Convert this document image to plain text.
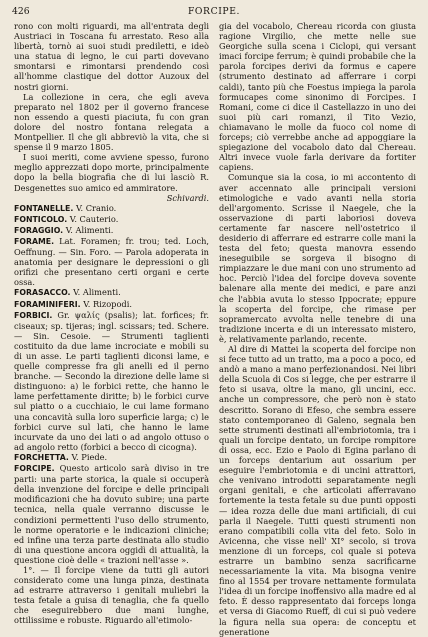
426	FORCIPE.

rono con molti riguardi, ma all'entrata degli Austriaci in Toscana fu arrestato. Reso alla libertà, tornò ai suoi studi prediletti, e ideò una statua di legno, le cui parti dovevano smontarsi e rimontarsi prendendo così all'homme clastique del dottor Auzoux del nostri giorni.

La collezione in cera, che egli aveva preparato nel 1802 per il governo francese non essendo a questi piaciuta, fu con gran dolore del nostro fontana relegata a Montpellier. Il che gli abbreviò la vita, che si spense il 9 marzo 1805.

I suoi meriti, come avviene spesso, furono meglio apprezzati dopo morte, principalmente dopo la bella biografia che di lui lasciò R. Desgenettes suo amico ed ammiratore.

Schivardi.

FONTANELLE. V. Cranio.

FONTICOLO. V. Cauterio.

FORAGGIO. V. Alimenti.

FORAME. Lat. Foramen; fr. trou; ted. Loch, Oeffnung. — Sin. Foro. — Parola adoperata in anatomia per designare le depressioni o gli orifizi che presentano certi organi e certe ossa.

FORASACCO. V. Alimenti.

FORAMINIFERI. V. Rizopodi.

FORBICI. Gr. ψαλίς (psalis); lat. forfices; fr. ciseaux; sp. tijeras; ingl. scissars; ted. Schere. — Sin. Cesoie. — Strumenti taglienti costituito da due lame incrociate e mobili su di un asse. Le parti taglienti diconsi lame, e quelle compresse fra gli anelli ed il perno branche. — Secondo la direzione delle lame si distinguono: a) le forbici rette, che hanno le lame perfettamente diritte; b) le forbici curve sul piatto o a cucchiaio, le cui lame formano una concavità sulla loro superficie larga; c) le forbici curve sul lati, che hanno le lame incurvate da uno dei lati o ad angolo ottuso o ad angolo retto (forbici a becco di cicogna).

FORCHETTA. V. Piede.

FORCIPE. Questo articolo sarà diviso in tre parti: una parte storica, la quale si occuperà della invenzione del forcipe e delle principali modificazioni che ha dovuto subire; una parte tecnica, nella quale verranno discusse le condizioni permettenti l'uso dello strumento, le norme operatorie e le indicazioni cliniche; ed infine una terza parte destinata allo studio di una questione ancora oggidì di attualità, la questione cioè delle « trazioni nell'asse ».

1°. — Il forcipe viene da tutti gli autori considerato come una lunga pinza, destinata ad estrarre attraverso i genitali muliebri la testa fetale a guisa di tenaglia, che fa quello che eseguirebbero due mani lunghe, ottilissime e robuste. Riguardo all'etimolo-

gia del vocabolo, Chereau ricorda con giusta ragione Virgilio, che mette nelle sue Georgiche sulla scena i Ciclopi, qui versant imaci forcipe ferrum; è quindi probabile che la parola forcipes derivi da formus e capere (strumento destinato ad afferrare i corpi caldi), tanto più che Foestus impiega la parola formucapes come sinonimo di Forcipes. I Romani, come ci dice il Castellazzo in uno dei suoi più cari romanzi, il Tito Vezio, chiamavano le molle da fuoco col nome di forceps; ciò verrebbe anche ad appoggiare la spiegazione del vocabolo dato dal Chereau. Altri invece vuole farla derivare da fortiter capiens.

Comunque sia la cosa, io mi accontento di aver accennato alle principali versioni etimologiche e vado avanti nella storia dell'argomento. Scrisse il Naegele, che la osservazione di parti laboriosi doveva certamente far nascere nell'ostetrico il desiderio di afferrare ed estrarre colle mani la testa del feto; questa manovra essendo ineseguibile se sorgeva il bisogno di rimpiazzare le due mani con uno strumento ad hoc. Perciò l'idea del forcipe doveva sovente balenare alla mente dei medici, e pare anzi che l'abbia avuta lo stesso Ippocrate; eppure la scoperta del forcipe, che rimase per sopramercato avvolta nelle tenebre di una tradizione incerta e di un interessato mistero, è, relativamente parlando, recente.

Al dire di Mattei la scoperta del forcipe non si fece tutto ad un tratto, ma a poco a poco, ed andò a mano a mano perfezionandosi. Nei libri della Scuola di Cos si legge, che per estrarre il feto si usava, oltre la mano, gli uncini, ecc. anche un compressore, che però non è stato descritto. Sorano di Efeso, che sembra essere stato contemporaneo di Galeno, segnala ben sette strumenti destinati all'embriotomia, tra i quali un forcipe dentato, un forcipe rompitore di ossa, ecc. Ezio e Paolo di Egina parlano di un forceps dentarium aut ossarium per eseguire l'embriotomia e di uncini attrattori, che venivano introdotti separatamente negli organi genitali, e che articolati afferravano fortemente la testa fetale su due punti opposti — idea rozza delle due mani artificiali, di cui parla il Naegele. Tutti questi strumenti non erano compatibili colla vita del feto. Solo in Avicenna, che visse nell' XI° secolo, si trova menzione di un forceps, col quale si poteva estrarre un bambino senza sacrificarne necessariamente la vita. Ma bisogna venire fino al 1554 per trovare nettamente formulata l'idea di un forcipe inoffensivo alla madre ed al feto. È desso rappresentato dai forceps longa et versa di Giacomo Rueff, di cui si può vedere la figura nella sua opera: de conceptu et generatione
